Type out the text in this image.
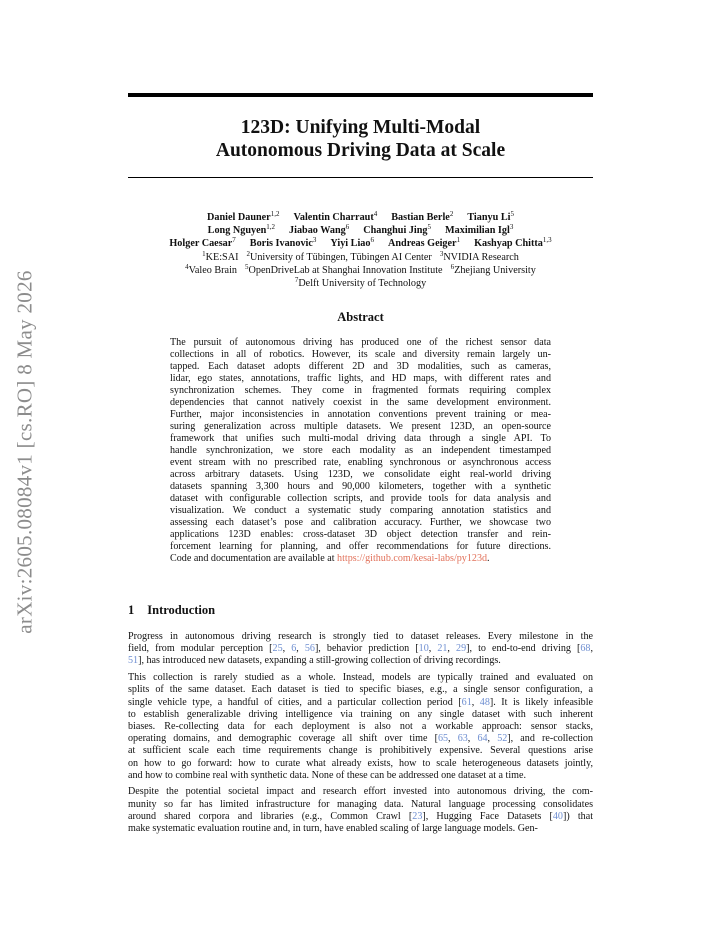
arXiv:2605.08084v1 [cs.RO] 8 May 2026
123D: Unifying Multi-Modal
Autonomous Driving Data at Scale
Daniel Dauner$^{1,2}$ Valentin Charraut$^4$ Bastian Berle$^2$ Tianyu Li$^5$
Long Nguyen$^{1,2}$ Jiabao Wang$^6$ Changhui Jing$^5$ Maximilian Igl$^3$
Holger Caesar$^7$ Boris Ivanovic$^3$ Yiyi Liao$^6$ Andreas Geiger$^1$ Kashyap Chitta$^{1,3}$
$^1$KE:SAI $^2$University of Tübingen, Tübingen AI Center $^3$NVIDIA Research
$^4$Valeo Brain $^5$OpenDriveLab at Shanghai Innovation Institute $^6$Zhejiang University
$^7$Delft University of Technology
Abstract
The pursuit of autonomous driving has produced one of the richest sensor data
collections in all of robotics. However, its scale and diversity remain largely un-
tapped. Each dataset adopts different 2D and 3D modalities, such as cameras,
lidar, ego states, annotations, traffic lights, and HD maps, with different rates and
synchronization schemes. They come in fragmented formats requiring complex
dependencies that cannot natively coexist in the same development environment.
Further, major inconsistencies in annotation conventions prevent training or mea-
suring generalization across multiple datasets. We present 123D, an open-source
framework that unifies such multi-modal driving data through a single API. To
handle synchronization, we store each modality as an independent timestamped
event stream with no prescribed rate, enabling synchronous or asynchronous access
across arbitrary datasets. Using 123D, we consolidate eight real-world driving
datasets spanning 3,300 hours and 90,000 kilometers, together with a synthetic
dataset with configurable collection scripts, and provide tools for data analysis and
visualization. We conduct a systematic study comparing annotation statistics and
assessing each dataset’s pose and calibration accuracy. Further, we showcase two
applications 123D enables: cross-dataset 3D object detection transfer and rein-
forcement learning for planning, and offer recommendations for future directions.
Code and documentation are available at https://github.com/kesai-labs/py123d.
1 Introduction
Progress in autonomous driving research is strongly tied to dataset releases. Every milestone in the
field, from modular perception [25, 6, 56], behavior prediction [10, 21, 29], to end-to-end driving [68,
51], has introduced new datasets, expanding a still-growing collection of driving recordings.
This collection is rarely studied as a whole. Instead, models are typically trained and evaluated on
splits of the same dataset. Each dataset is tied to specific biases, e.g., a single sensor configuration, a
single vehicle type, a handful of cities, and a particular collection period [61, 48]. It is likely infeasible
to establish generalizable driving intelligence via training on any single dataset with such inherent
biases. Re-collecting data for each deployment is also not a workable approach: sensor stacks,
operating domains, and demographic coverage all shift over time [65, 63, 64, 52], and re-collection
at sufficient scale each time requirements change is prohibitively expensive. Several questions arise
on how to go forward: how to curate what already exists, how to scale heterogeneous datasets jointly,
and how to combine real with synthetic data. None of these can be addressed one dataset at a time.
Despite the potential societal impact and research effort invested into autonomous driving, the com-
munity so far has limited infrastructure for managing data. Natural language processing consolidates
around shared corpora and libraries (e.g., Common Crawl [23], Hugging Face Datasets [40]) that
make systematic evaluation routine and, in turn, have enabled scaling of large language models. Gen-
